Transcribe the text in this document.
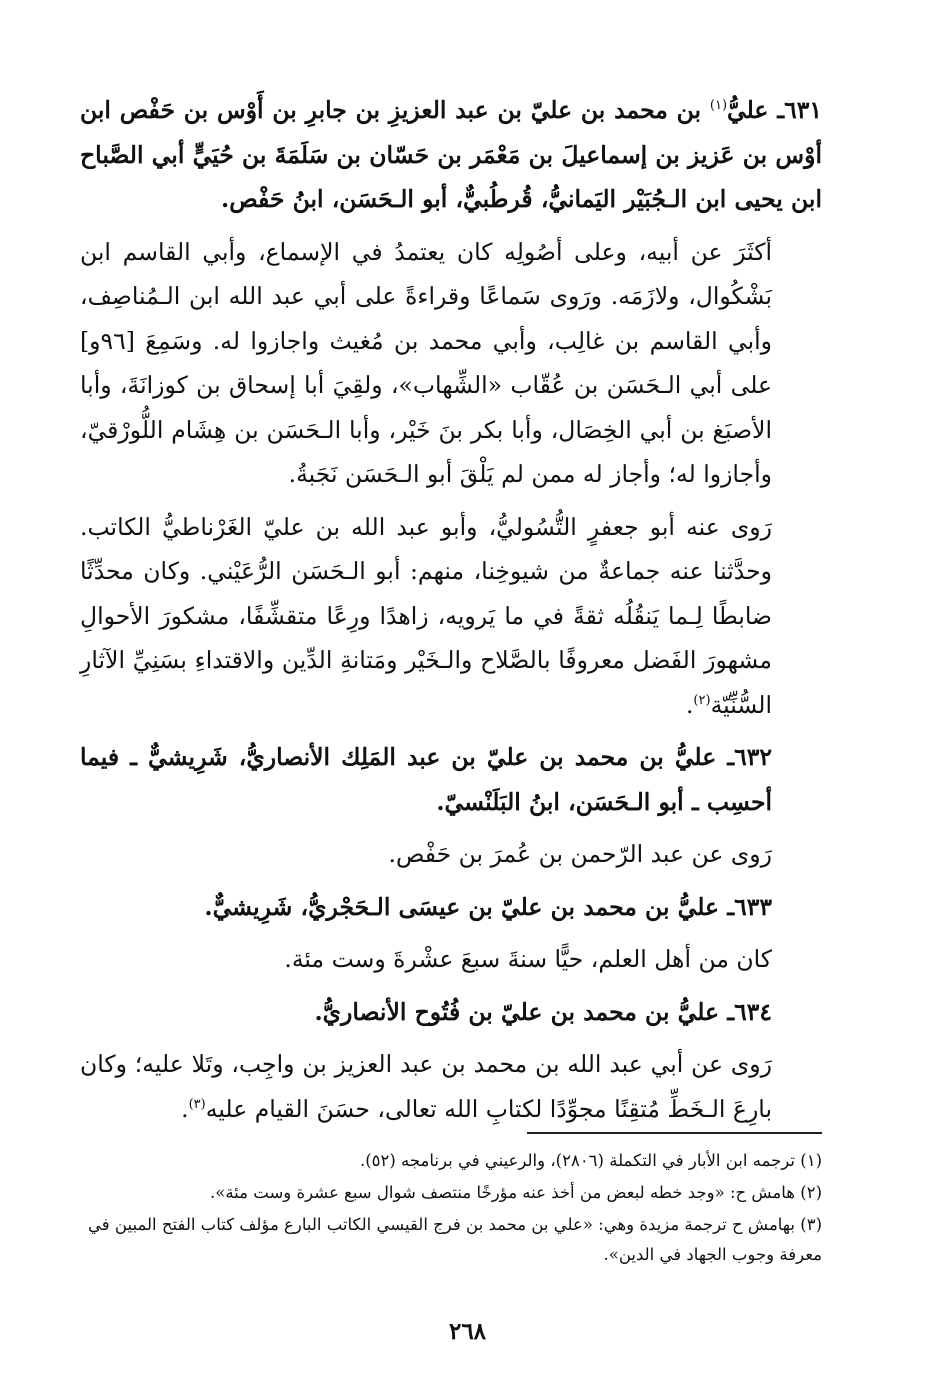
٦٣١ـ عليُّ$^{(١)}$ بن محمد بن عليّ بن عبد العزيزِ بن جابرِ بن أَوْس بن حَفْص ابن أوْس بن عَزيز بن إسماعيلَ بن مَعْمَر بن حَسّان بن سَلَمَةَ بن حُيَيٍّ أبي الصَّباح ابن يحيى ابن الـجُبَيْر اليَمانيُّ، قُرطُبيٌّ، أبو الـحَسَن، ابنُ حَفْص.

أكثَرَ عن أبيه، وعلى أصُولِه كان يعتمدُ في الإسماع، وأبي القاسم ابن بَشْكُوال، ولازَمَه. ورَوى سَماعًا وقراءةً على أبي عبد الله ابن الـمُناصِف، وأبي القاسم بن غالِب، وأبي محمد بن مُغيث واجازوا له. وسَمِعَ [٩٦و] على أبي الـحَسَن بن عُقّاب «الشِّهاب»، ولقِيَ أبا إسحاق بن كوزانَةَ، وأبا الأصبَغ بن أبي الخِصَال، وأبا بكر بنَ خَيْر، وأبا الـحَسَن بن هِشَام اللُّورْقيّ، وأجازوا له؛ وأجاز له ممن لم يَلْقَ أبو الـحَسَن نَجَبةُ.

رَوى عنه أبو جعفرٍ التُّسُوليُّ، وأبو عبد الله بن عليّ الغَرْناطيُّ الكاتب. وحدَّثنا عنه جماعةٌ من شيوخِنا، منهم: أبو الـحَسَن الرُّعَيْني. وكان محدِّثًا ضابطًا لِـما يَنقُلُه ثقةً في ما يَرويه، زاهدًا ورِعًا متقشِّفًا، مشكورَ الأحوالِ مشهورَ الفَضل معروفًا بالصَّلاح والـخَيْر ومَتانةِ الدِّين والاقتداءِ بسَنِيِّ الآثارِ السُّنِّيّة$^{(٢)}$.

٦٣٢ـ عليُّ بن محمد بن عليّ بن عبد المَلِك الأنصاريُّ، شَرِيشيٌّ ـ فيما أحسِب ـ أبو الـحَسَن، ابنُ البَلَنْسيّ.

رَوى عن عبد الرّحمن بن عُمرَ بن حَفْص.

٦٣٣ـ عليُّ بن محمد بن عليّ بن عيسَى الـحَجْريُّ، شَرِيشيٌّ.

كان من أهل العلم، حيًّا سنةَ سبعَ عشْرةَ وست مئة.

٦٣٤ـ عليُّ بن محمد بن عليّ بن فُتُوح الأنصاريُّ.

رَوى عن أبي عبد الله بن محمد بن عبد العزيز بن واجِب، وتَلا عليه؛ وكان بارِعَ الـخَطِّ مُتقِنًا مجوِّدًا لكتابِ الله تعالى، حسَنَ القيام عليه$^{(٣)}$.

(١) ترجمه ابن الأبار في التكملة (٢٨٠٦)، والرعيني في برنامجه (٥٢).

(٢) هامش ح: «وجد خطه لبعض من أخذ عنه مؤرخًا منتصف شوال سبع عشرة وست مئة».

(٣) بهامش ح ترجمة مزيدة وهي: «علي بن محمد بن فرج القيسي الكاتب البارع مؤلف كتاب الفتح المبين في معرفة وجوب الجهاد في الدين».

٢٦٨
